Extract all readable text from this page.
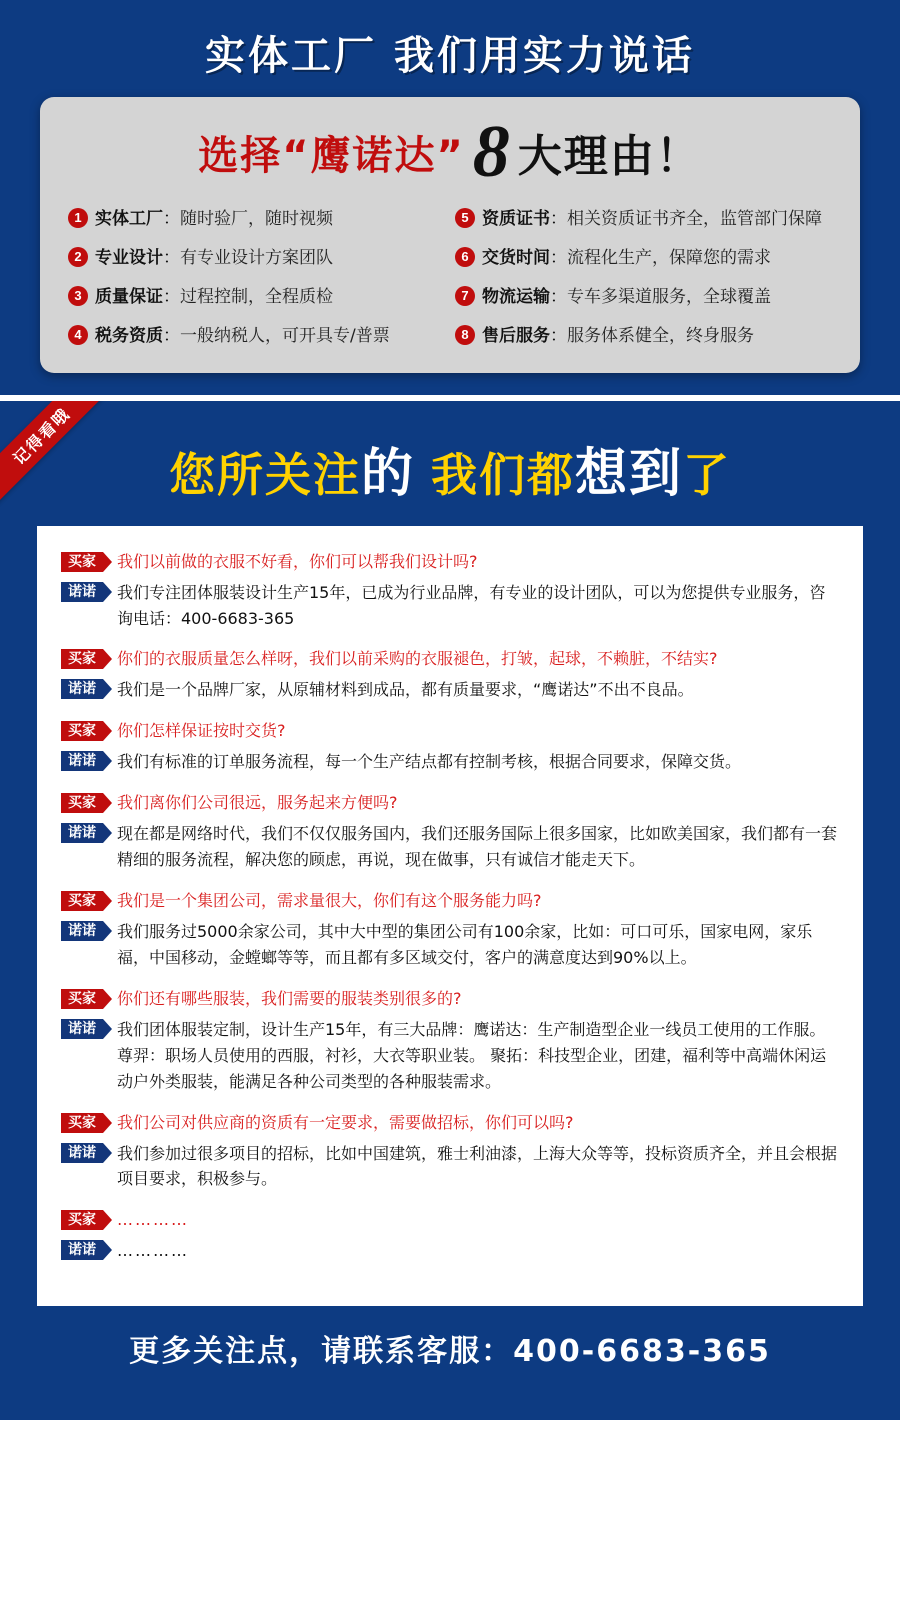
实体工厂 我们用实力说话
选择“鹰诺达” 8 大理由！
1 实体工厂：随时验厂，随时视频	5 资质证书：相关资质证书齐全，监管部门保障
2 专业设计：有专业设计方案团队	6 交货时间：流程化生产，保障您的需求
3 质量保证：过程控制，全程质检	7 物流运输：专车多渠道服务，全球覆盖
4 税务资质：一般纳税人，可开具专/普票	8 售后服务：服务体系健全，终身服务
记得看哦
您所关注的 我们都想到了
买家	我们以前做的衣服不好看，你们可以帮我们设计吗?
诺诺	我们专注团体服装设计生产15年，已成为行业品牌，有专业的设计团队，可以为您提供专业服务，咨询电话：400-6683-365
买家	你们的衣服质量怎么样呀，我们以前采购的衣服褪色，打皱，起球，不赖脏，不结实?
诺诺	我们是一个品牌厂家，从原辅材料到成品，都有质量要求，“鹰诺达”不出不良品。
买家	你们怎样保证按时交货?
诺诺	我们有标准的订单服务流程，每一个生产结点都有控制考核，根据合同要求，保障交货。
买家	我们离你们公司很远，服务起来方便吗?
诺诺	现在都是网络时代，我们不仅仅服务国内，我们还服务国际上很多国家，比如欧美国家，我们都有一套精细的服务流程，解决您的顾虑，再说，现在做事，只有诚信才能走天下。
买家	我们是一个集团公司，需求量很大，你们有这个服务能力吗?
诺诺	我们服务过5000余家公司，其中大中型的集团公司有100余家，比如：可口可乐，国家电网，家乐福，中国移动，金螳螂等等，而且都有多区域交付，客户的满意度达到90%以上。
买家	你们还有哪些服装，我们需要的服装类别很多的?
诺诺	我们团体服装定制，设计生产15年，有三大品牌：鹰诺达：生产制造型企业一线员工使用的工作服。尊羿：职场人员使用的西服，衬衫，大衣等职业装。 聚拓：科技型企业，团建，福利等中高端休闲运动户外类服装，能满足各种公司类型的各种服装需求。
买家	我们公司对供应商的资质有一定要求，需要做招标，你们可以吗?
诺诺	我们参加过很多项目的招标，比如中国建筑，雅士利油漆，上海大众等等，投标资质齐全，并且会根据项目要求，积极参与。
买家	…………
诺诺	…………
更多关注点，请联系客服：400-6683-365
